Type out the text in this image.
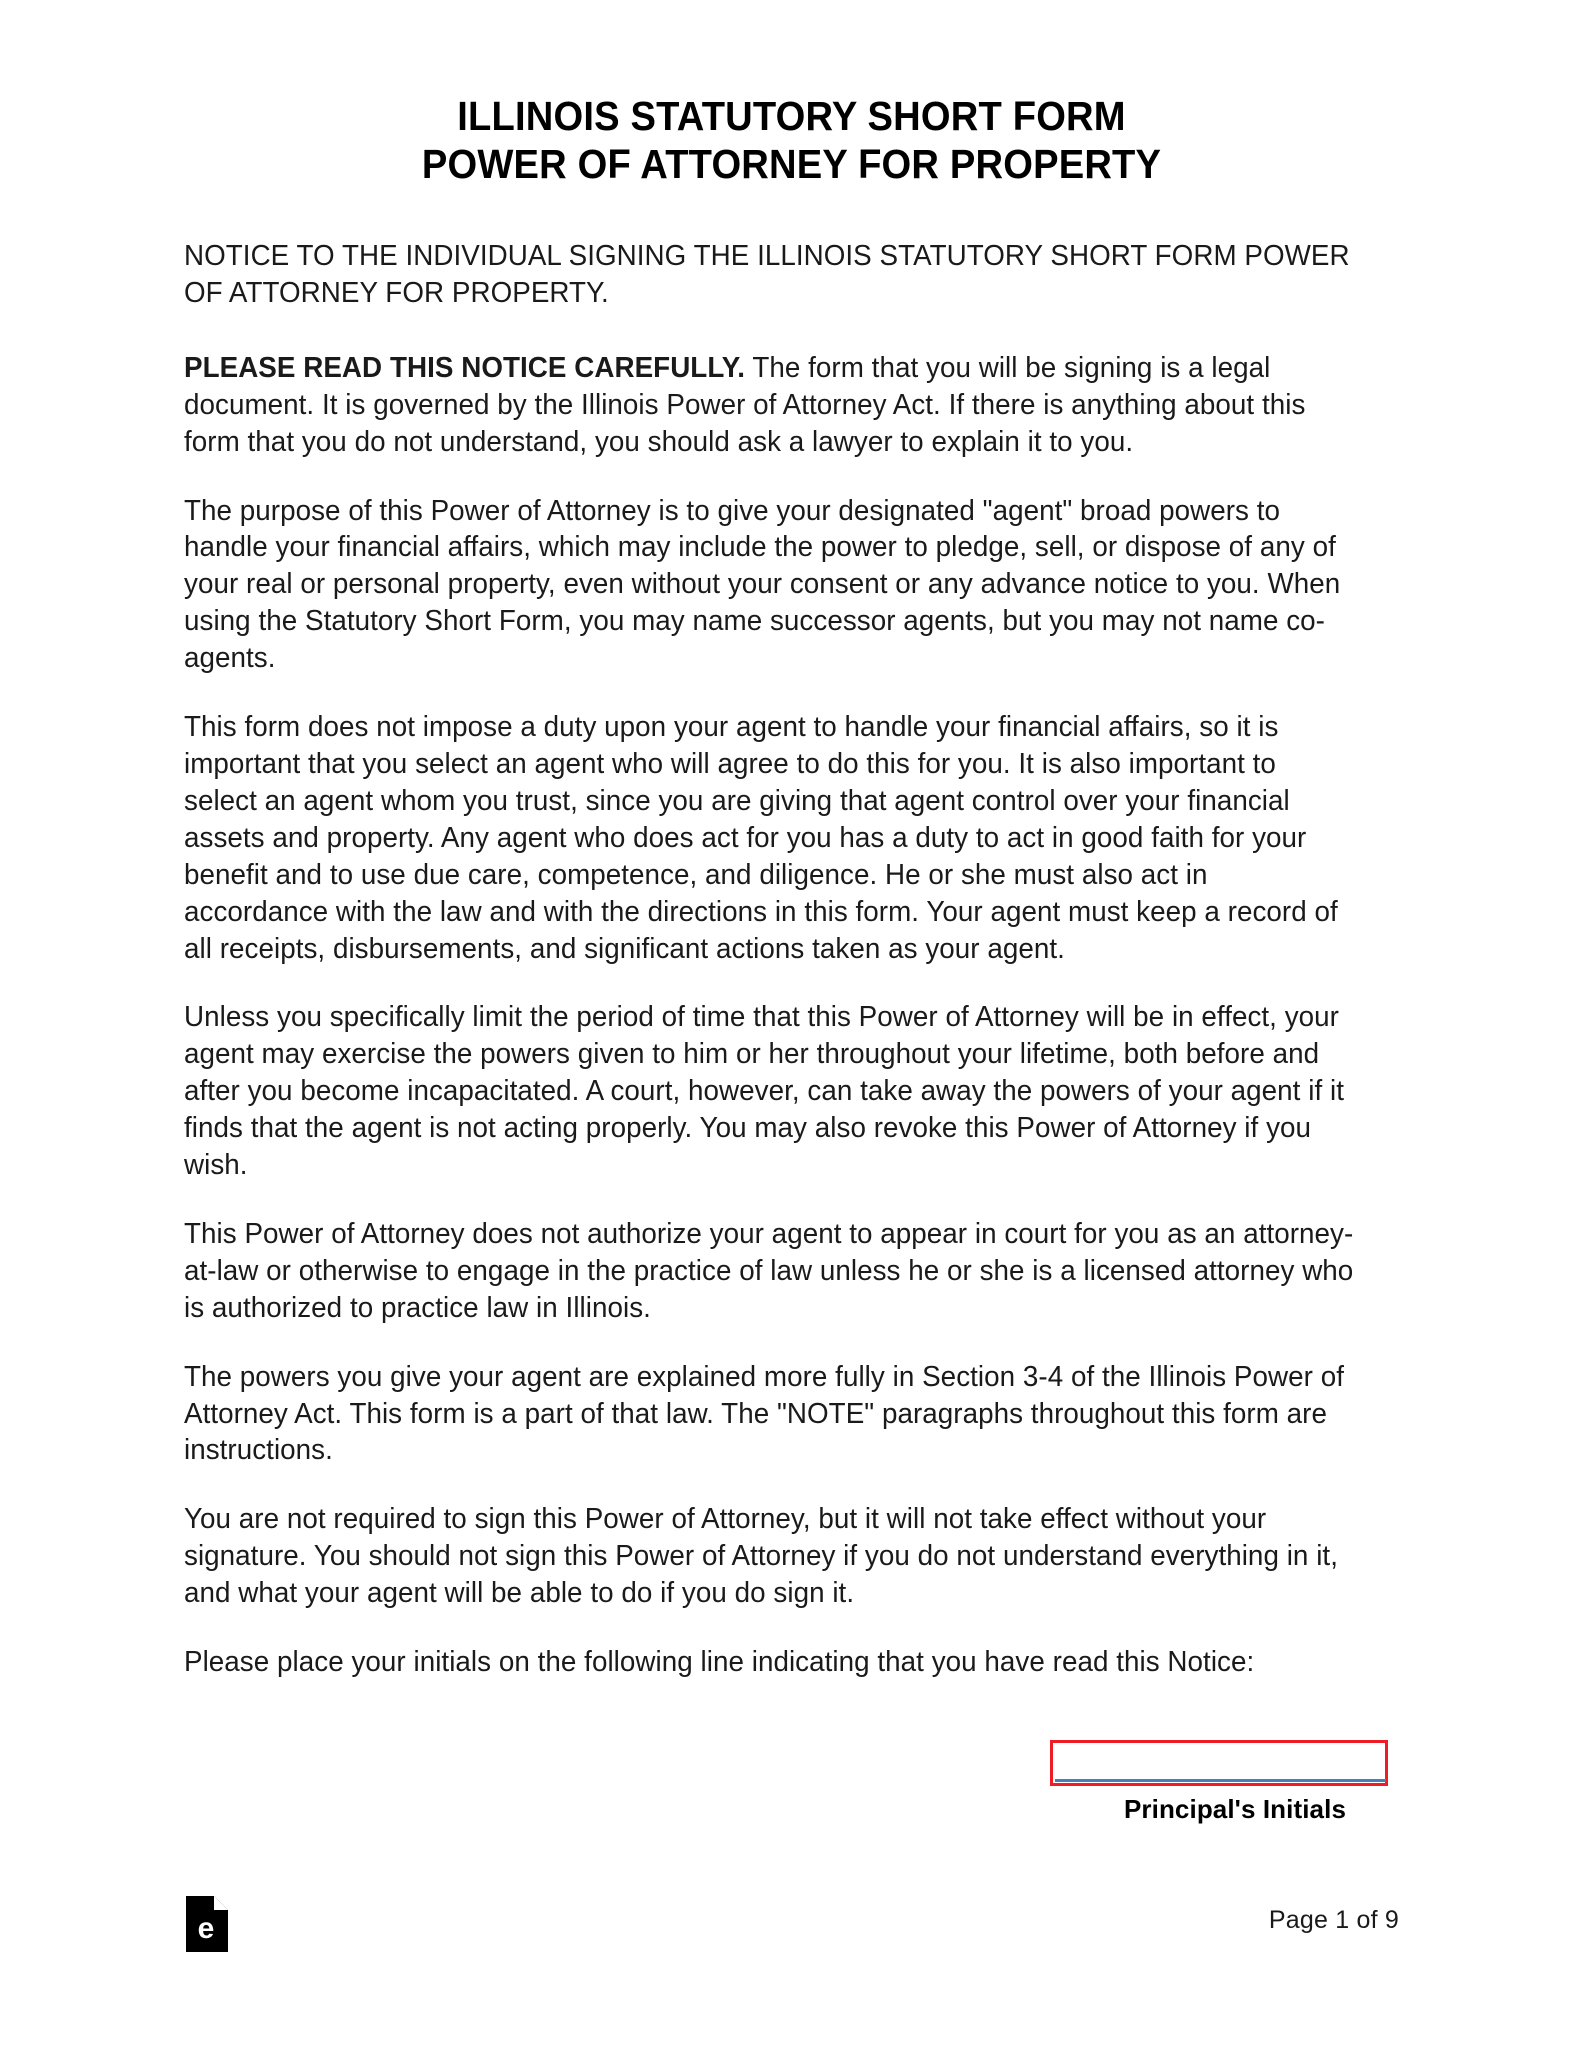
ILLINOIS STATUTORY SHORT FORM
POWER OF ATTORNEY FOR PROPERTY

NOTICE TO THE INDIVIDUAL SIGNING THE ILLINOIS STATUTORY SHORT FORM POWER OF ATTORNEY FOR PROPERTY.

PLEASE READ THIS NOTICE CAREFULLY. The form that you will be signing is a legal document. It is governed by the Illinois Power of Attorney Act. If there is anything about this form that you do not understand, you should ask a lawyer to explain it to you.

The purpose of this Power of Attorney is to give your designated "agent" broad powers to handle your financial affairs, which may include the power to pledge, sell, or dispose of any of your real or personal property, even without your consent or any advance notice to you. When using the Statutory Short Form, you may name successor agents, but you may not name co-agents.

This form does not impose a duty upon your agent to handle your financial affairs, so it is important that you select an agent who will agree to do this for you. It is also important to select an agent whom you trust, since you are giving that agent control over your financial assets and property. Any agent who does act for you has a duty to act in good faith for your benefit and to use due care, competence, and diligence. He or she must also act in accordance with the law and with the directions in this form. Your agent must keep a record of all receipts, disbursements, and significant actions taken as your agent.

Unless you specifically limit the period of time that this Power of Attorney will be in effect, your agent may exercise the powers given to him or her throughout your lifetime, both before and after you become incapacitated. A court, however, can take away the powers of your agent if it finds that the agent is not acting properly. You may also revoke this Power of Attorney if you wish.

This Power of Attorney does not authorize your agent to appear in court for you as an attorney-at-law or otherwise to engage in the practice of law unless he or she is a licensed attorney who is authorized to practice law in Illinois.

The powers you give your agent are explained more fully in Section 3-4 of the Illinois Power of Attorney Act. This form is a part of that law. The "NOTE" paragraphs throughout this form are instructions.

You are not required to sign this Power of Attorney, but it will not take effect without your signature. You should not sign this Power of Attorney if you do not understand everything in it, and what your agent will be able to do if you do sign it.

Please place your initials on the following line indicating that you have read this Notice:

Principal's Initials
e	Page 1 of 9
